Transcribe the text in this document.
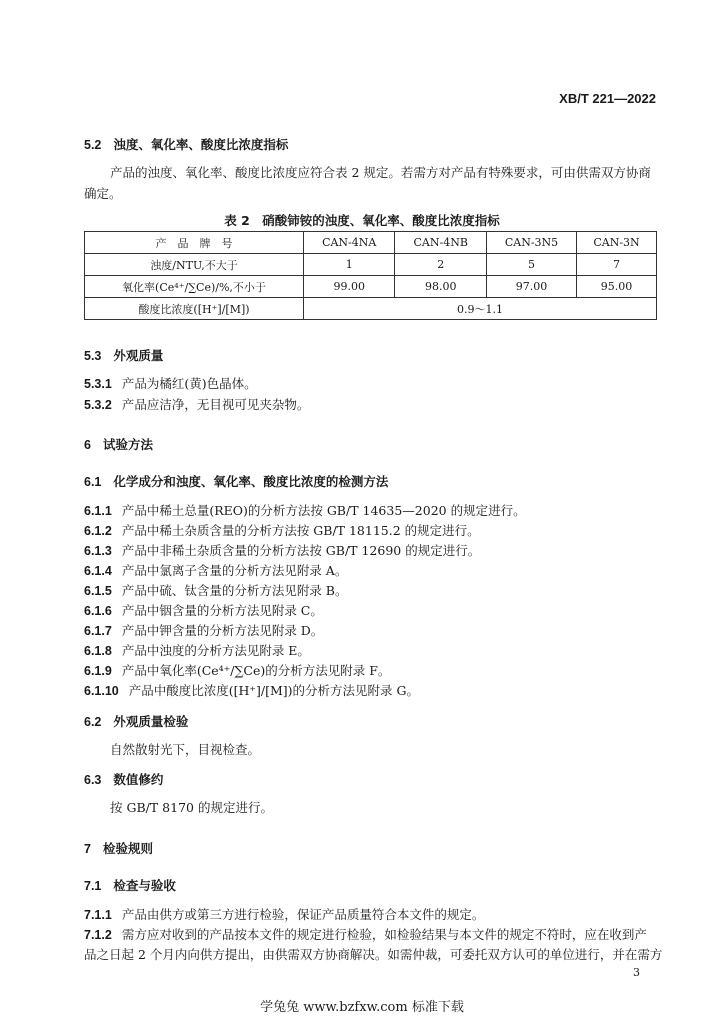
XB/T 221—2022
5.2 浊度、氧化率、酸度比浓度指标
产品的浊度、氧化率、酸度比浓度应符合表 2 规定。若需方对产品有特殊要求，可由供需双方协商确定。
表 2　硝酸铈铵的浊度、氧化率、酸度比浓度指标
产　品　牌　号	CAN-4NA	CAN-4NB	CAN-3N5	CAN-3N
浊度/NTU,不大于	1	2	5	7
氧化率(Ce⁴⁺/∑Ce)/%,不小于	99.00	98.00	97.00	95.00
酸度比浓度([H⁺]/[M])	0.9～1.1			
5.3 外观质量
5.3.1 产品为橘红(黄)色晶体。
5.3.2 产品应洁净，无目视可见夹杂物。
6 试验方法
6.1 化学成分和浊度、氧化率、酸度比浓度的检测方法
6.1.1 产品中稀土总量(REO)的分析方法按 GB/T 14635—2020 的规定进行。
6.1.2 产品中稀土杂质含量的分析方法按 GB/T 18115.2 的规定进行。
6.1.3 产品中非稀土杂质含量的分析方法按 GB/T 12690 的规定进行。
6.1.4 产品中氯离子含量的分析方法见附录 A。
6.1.5 产品中硫、钛含量的分析方法见附录 B。
6.1.6 产品中铟含量的分析方法见附录 C。
6.1.7 产品中钾含量的分析方法见附录 D。
6.1.8 产品中浊度的分析方法见附录 E。
6.1.9 产品中氧化率(Ce⁴⁺/∑Ce)的分析方法见附录 F。
6.1.10 产品中酸度比浓度([H⁺]/[M])的分析方法见附录 G。
6.2 外观质量检验
自然散射光下，目视检查。
6.3 数值修约
按 GB/T 8170 的规定进行。
7 检验规则
7.1 检查与验收
7.1.1 产品由供方或第三方进行检验，保证产品质量符合本文件的规定。
7.1.2 需方应对收到的产品按本文件的规定进行检验，如检验结果与本文件的规定不符时，应在收到产
品之日起 2 个月内向供方提出，由供需双方协商解决。如需仲裁，可委托双方认可的单位进行，并在需方
3
学兔兔 www.bzfxw.com 标准下载
